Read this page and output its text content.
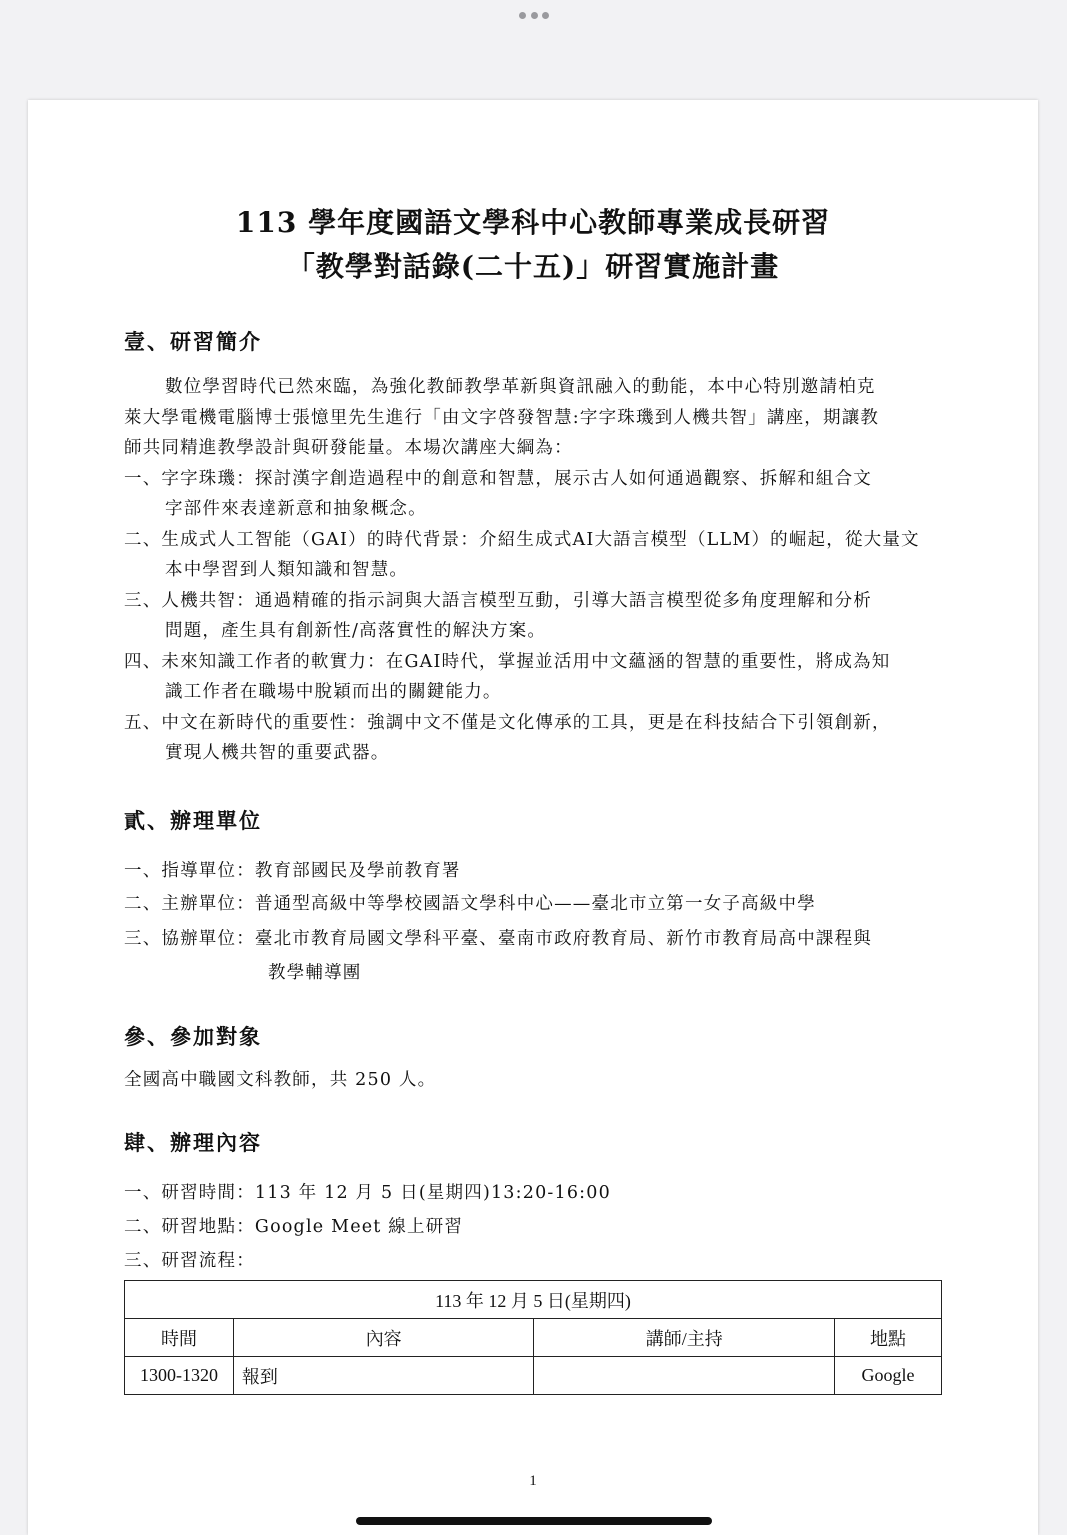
113 學年度國語文學科中心教師專業成長研習
「教學對話錄(二十五)」研習實施計畫
壹、研習簡介
數位學習時代已然來臨，為強化教師教學革新與資訊融入的動能，本中心特別邀請柏克
萊大學電機電腦博士張憶里先生進行「由文字啓發智慧:字字珠璣到人機共智」講座，期讓教
師共同精進教學設計與研發能量。本場次講座大綱為：
一、字字珠璣：探討漢字創造過程中的創意和智慧，展示古人如何通過觀察、拆解和組合文
字部件來表達新意和抽象概念。
二、生成式人工智能（GAI）的時代背景：介紹生成式AI大語言模型（LLM）的崛起，從大量文
本中學習到人類知識和智慧。
三、人機共智：通過精確的指示詞與大語言模型互動，引導大語言模型從多角度理解和分析
問題，產生具有創新性/高落實性的解決方案。
四、未來知識工作者的軟實力：在GAI時代，掌握並活用中文蘊涵的智慧的重要性，將成為知
識工作者在職場中脫穎而出的關鍵能力。
五、中文在新時代的重要性：強調中文不僅是文化傳承的工具，更是在科技結合下引領創新，
實現人機共智的重要武器。
貳、辦理單位
一、指導單位：教育部國民及學前教育署
二、主辦單位：普通型高級中等學校國語文學科中心——臺北市立第一女子高級中學
三、協辦單位：臺北市教育局國文學科平臺、臺南市政府教育局、新竹市教育局高中課程與
教學輔導團
參、參加對象
全國高中職國文科教師，共 250 人。
肆、辦理內容
一、研習時間：113 年 12 月 5 日(星期四)13:20-16:00
二、研習地點：Google Meet 線上研習
三、研習流程：
113 年 12 月 5 日(星期四)			
時間	內容	講師/主持	地點
1300-1320	報到		Google
1
